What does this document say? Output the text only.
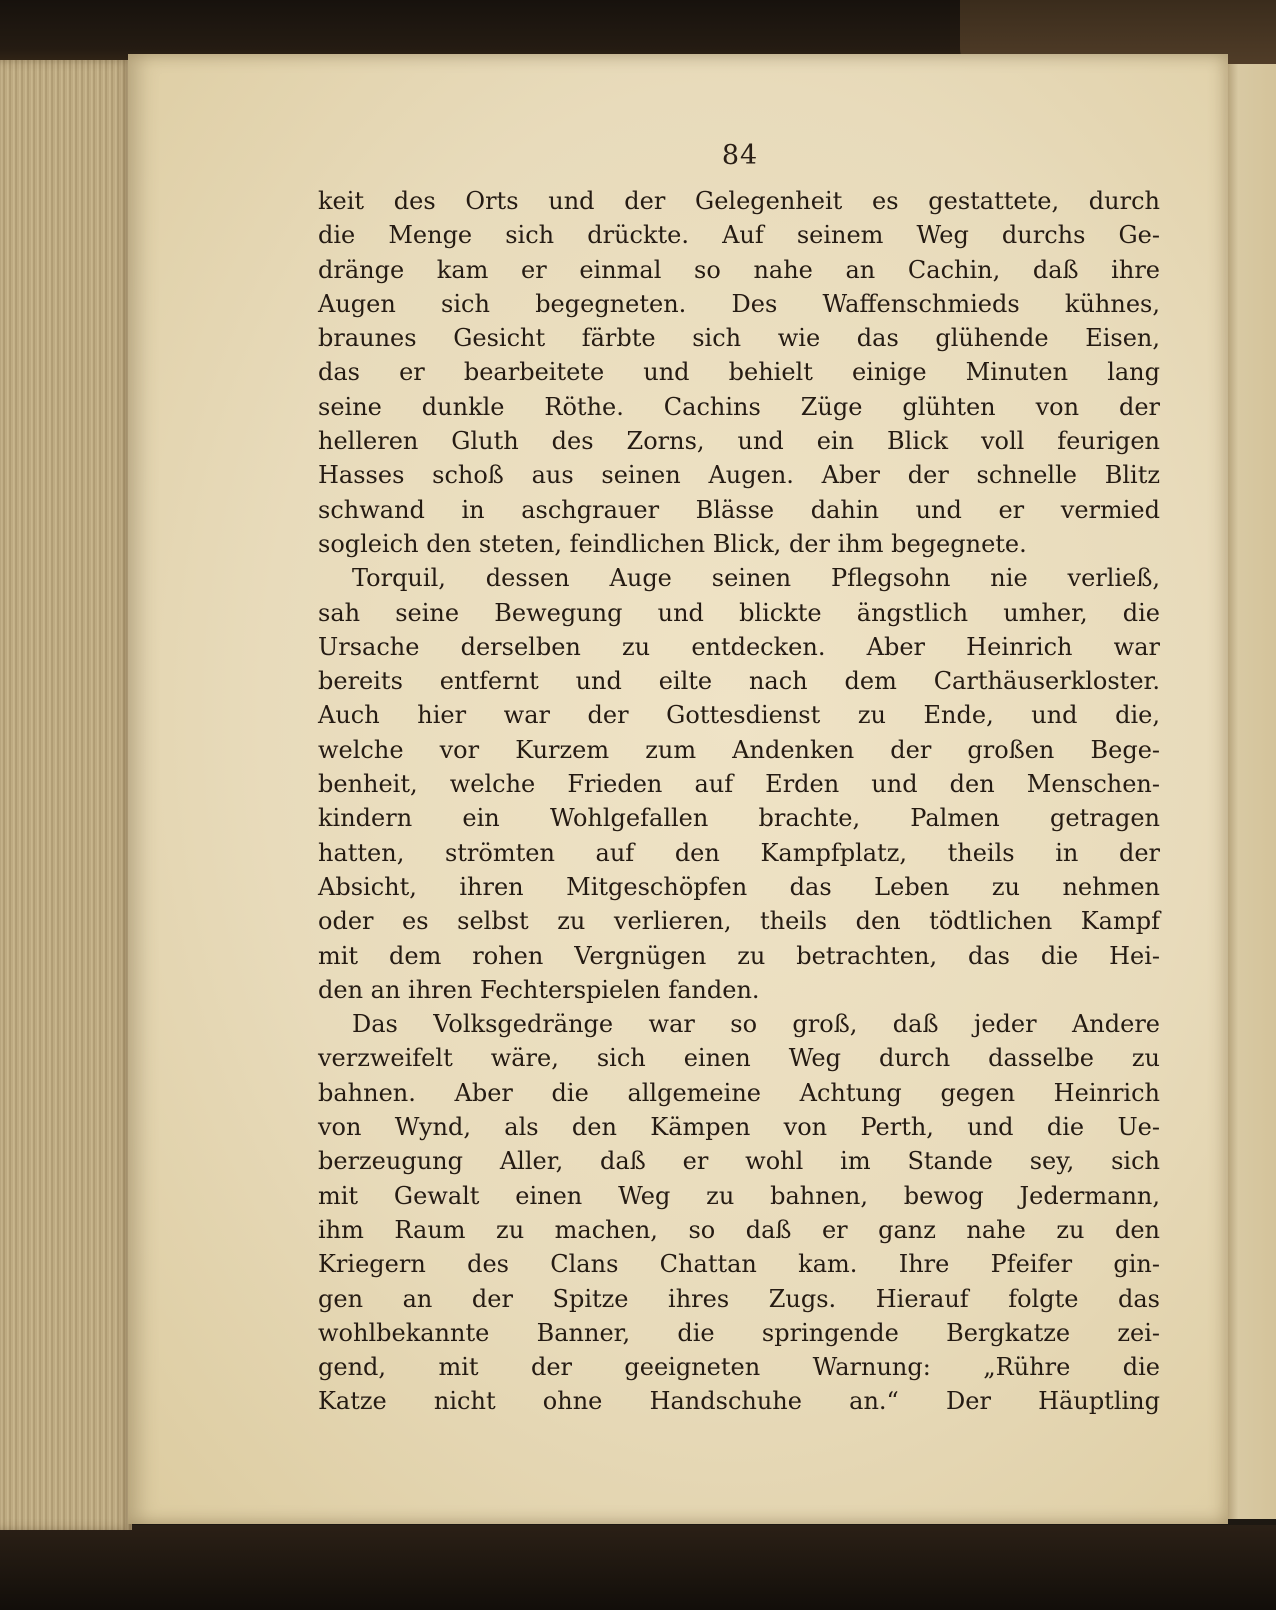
84
keit des Orts und der Gelegenheit es gestattete, durch
die Menge sich drückte. Auf seinem Weg durchs Ge-
dränge kam er einmal so nahe an Cachin, daß ihre
Augen sich begegneten. Des Waffenschmieds kühnes,
braunes Gesicht färbte sich wie das glühende Eisen,
das er bearbeitete und behielt einige Minuten lang
seine dunkle Röthe. Cachins Züge glühten von der
helleren Gluth des Zorns, und ein Blick voll feurigen
Hasses schoß aus seinen Augen. Aber der schnelle Blitz
schwand in aschgrauer Blässe dahin und er vermied
sogleich den steten, feindlichen Blick, der ihm begegnete.
Torquil, dessen Auge seinen Pflegsohn nie verließ,
sah seine Bewegung und blickte ängstlich umher, die
Ursache derselben zu entdecken. Aber Heinrich war
bereits entfernt und eilte nach dem Carthäuserkloster.
Auch hier war der Gottesdienst zu Ende, und die,
welche vor Kurzem zum Andenken der großen Bege-
benheit, welche Frieden auf Erden und den Menschen-
kindern ein Wohlgefallen brachte, Palmen getragen
hatten, strömten auf den Kampfplatz, theils in der
Absicht, ihren Mitgeschöpfen das Leben zu nehmen
oder es selbst zu verlieren, theils den tödtlichen Kampf
mit dem rohen Vergnügen zu betrachten, das die Hei-
den an ihren Fechterspielen fanden.
Das Volksgedränge war so groß, daß jeder Andere
verzweifelt wäre, sich einen Weg durch dasselbe zu
bahnen. Aber die allgemeine Achtung gegen Heinrich
von Wynd, als den Kämpen von Perth, und die Ue-
berzeugung Aller, daß er wohl im Stande sey, sich
mit Gewalt einen Weg zu bahnen, bewog Jedermann,
ihm Raum zu machen, so daß er ganz nahe zu den
Kriegern des Clans Chattan kam. Ihre Pfeifer gin-
gen an der Spitze ihres Zugs. Hierauf folgte das
wohlbekannte Banner, die springende Bergkatze zei-
gend, mit der geeigneten Warnung: „Rühre die
Katze nicht ohne Handschuhe an.“ Der Häuptling
